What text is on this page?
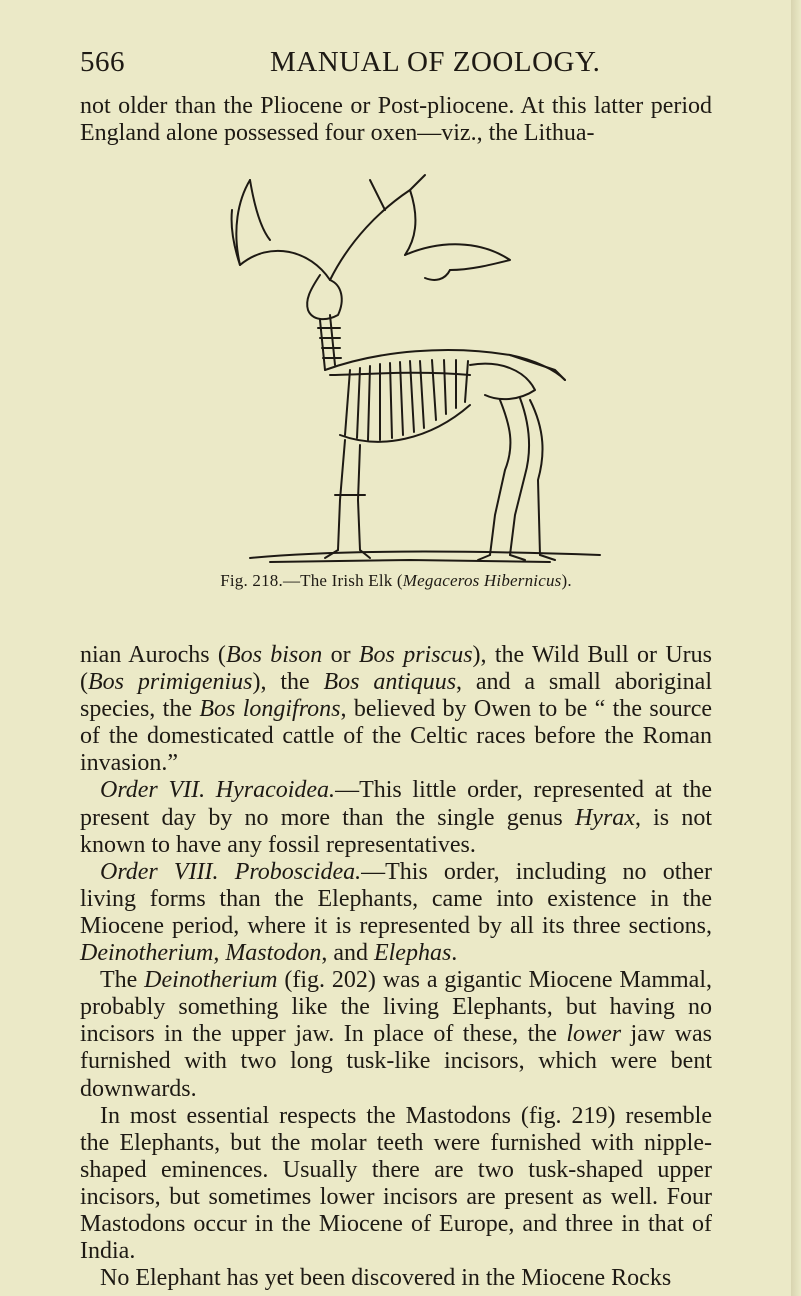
566	MANUAL OF ZOOLOGY.

not older than the Pliocene or Post-pliocene. At this latter period England alone possessed four oxen—viz., the Lithua-

Fig. 218.—The Irish Elk (Megaceros Hibernicus).

nian Aurochs (Bos bison or Bos priscus), the Wild Bull or Urus (Bos primigenius), the Bos antiquus, and a small aboriginal species, the Bos longifrons, believed by Owen to be “ the source of the domesticated cattle of the Celtic races before the Roman invasion.”

Order VII. Hyracoidea.—This little order, represented at the present day by no more than the single genus Hyrax, is not known to have any fossil representatives.

Order VIII. Proboscidea.—This order, including no other living forms than the Elephants, came into existence in the Miocene period, where it is represented by all its three sections, Deinotherium, Mastodon, and Elephas.

The Deinotherium (fig. 202) was a gigantic Miocene Mammal, probably something like the living Elephants, but having no incisors in the upper jaw. In place of these, the lower jaw was furnished with two long tusk-like incisors, which were bent downwards.

In most essential respects the Mastodons (fig. 219) resemble the Elephants, but the molar teeth were furnished with nipple-shaped eminences. Usually there are two tusk-shaped upper incisors, but sometimes lower incisors are present as well. Four Mastodons occur in the Miocene of Europe, and three in that of India.

No Elephant has yet been discovered in the Miocene Rocks
